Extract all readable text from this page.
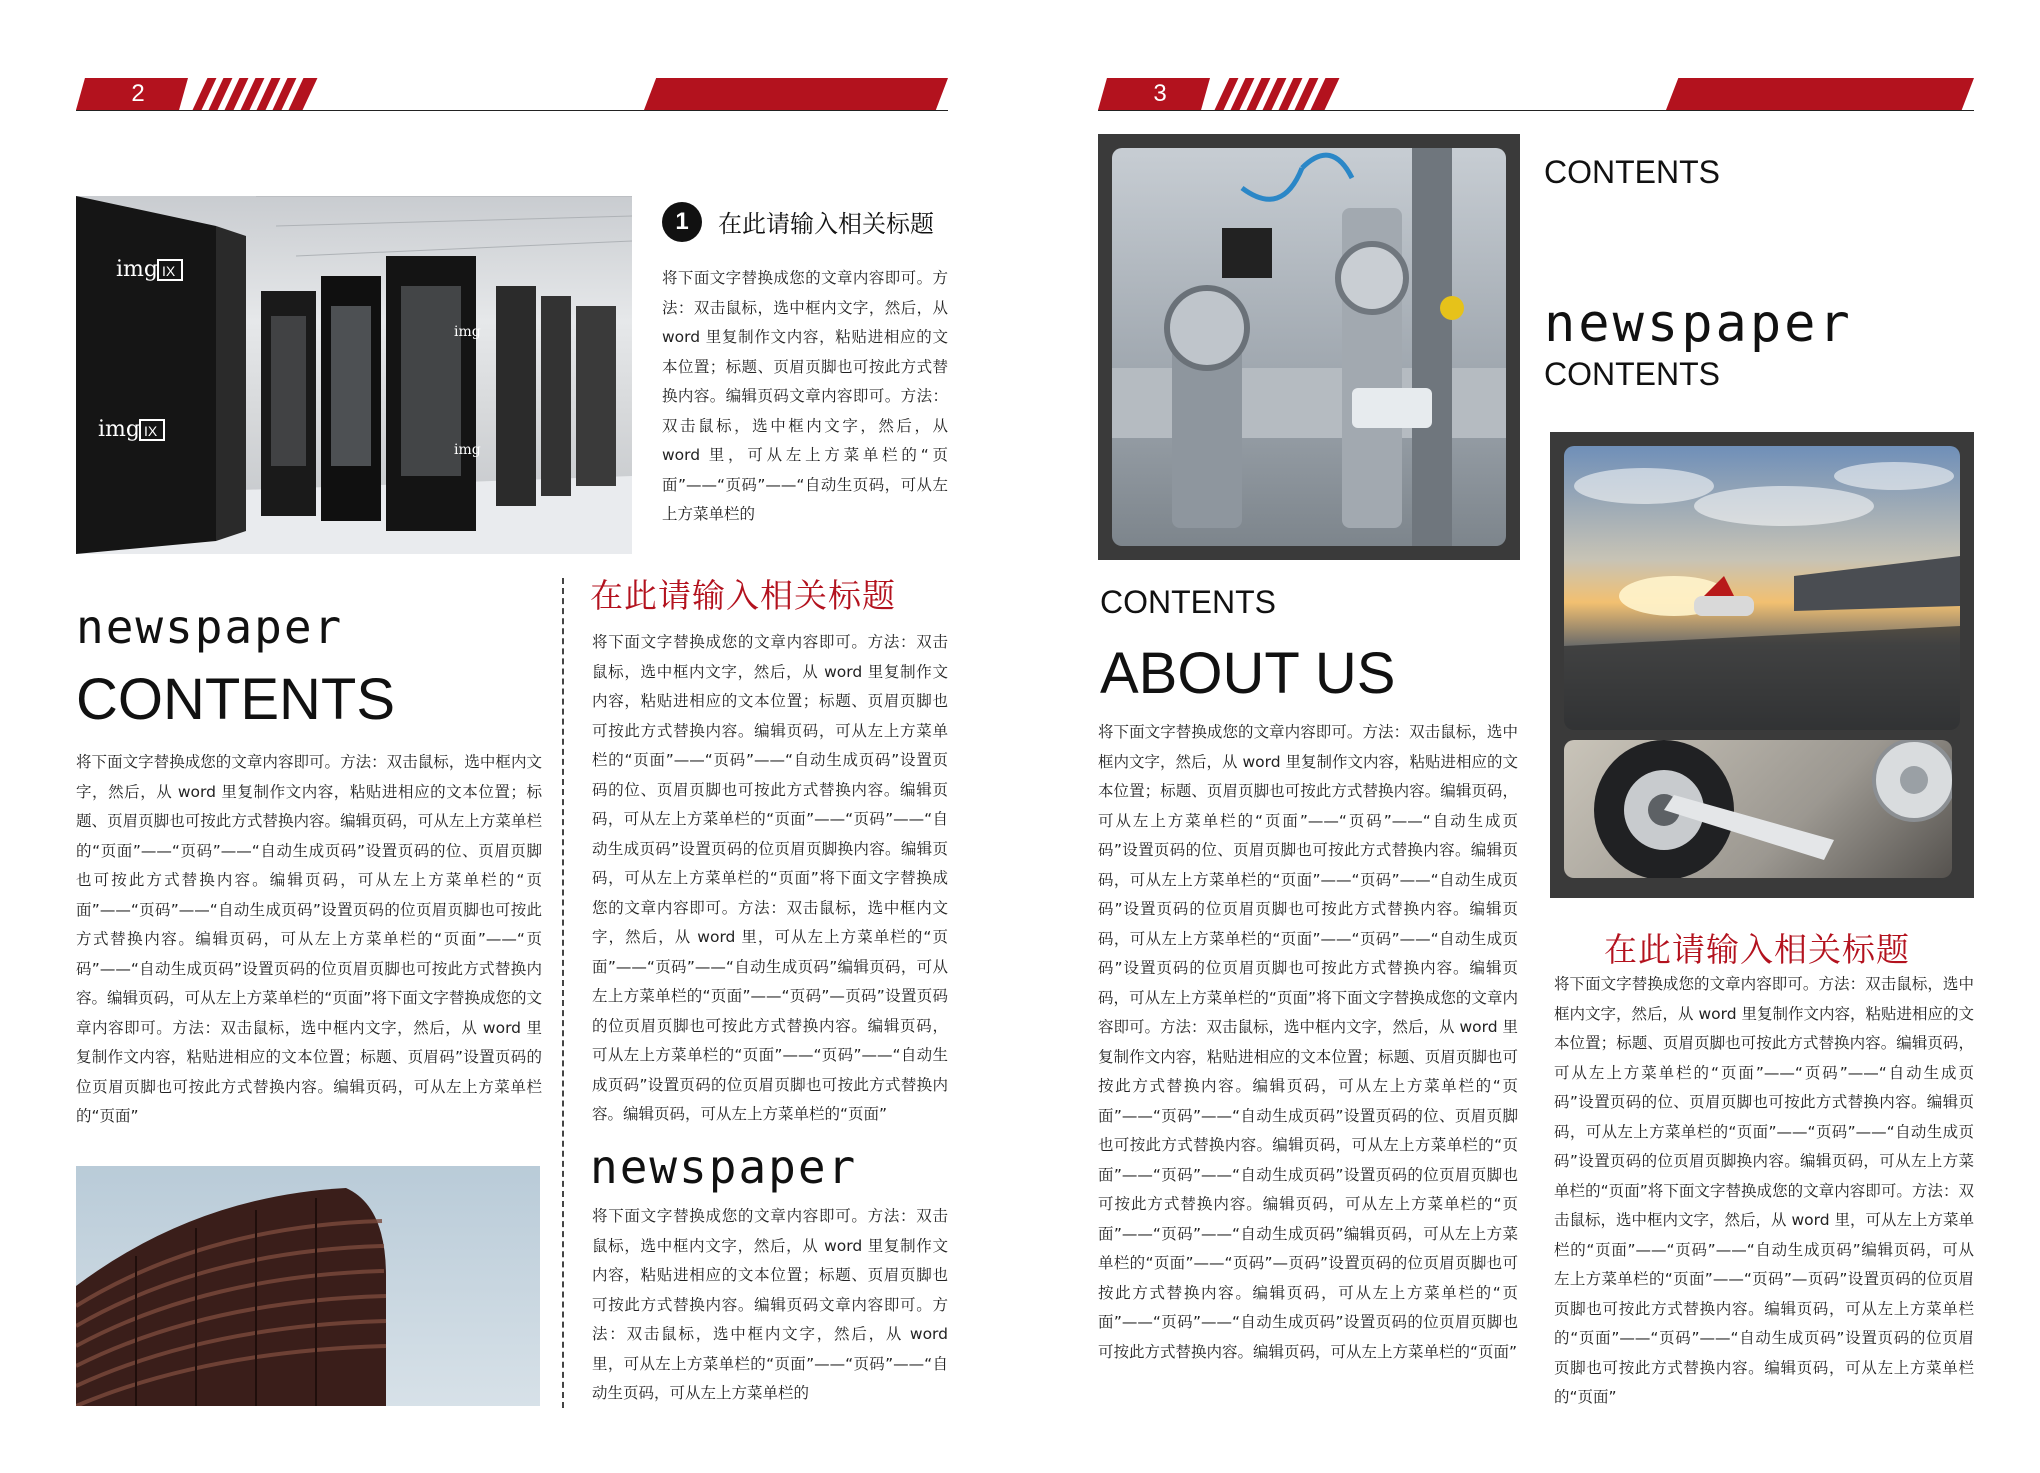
2	3
img IX
img IX
img
img
1	在此请输入相关标题
将下面文字替换成您的文章内容即可。方法：双击鼠标，选中框内文字，然后，从 word 里复制作文内容，粘贴进相应的文本位置；标题、页眉页脚也可按此方式替换内容。编辑页码文章内容即可。方法：双击鼠标，选中框内文字，然后，从 word 里，可从左上方菜单栏的“页面”——“页码”——“自动生页码，可从左上方菜单栏的
newspaper
CONTENTS
将下面文字替换成您的文章内容即可。方法：双击鼠标，选中框内文字，然后，从 word 里复制作文内容，粘贴进相应的文本位置；标题、页眉页脚也可按此方式替换内容。编辑页码，可从左上方菜单栏的“页面”——“页码”——“自动生成页码”设置页码的位、页眉页脚也可按此方式替换内容。编辑页码，可从左上方菜单栏的“页面”——“页码”——“自动生成页码”设置页码的位页眉页脚也可按此方式替换内容。编辑页码，可从左上方菜单栏的“页面”——“页码”——“自动生成页码”设置页码的位页眉页脚也可按此方式替换内容。编辑页码，可从左上方菜单栏的“页面”将下面文字替换成您的文章内容即可。方法：双击鼠标，选中框内文字，然后，从 word 里复制作文内容，粘贴进相应的文本位置；标题、页眉码”设置页码的位页眉页脚也可按此方式替换内容。编辑页码，可从左上方菜单栏的“页面”
在此请输入相关标题
将下面文字替换成您的文章内容即可。方法：双击鼠标，选中框内文字，然后，从 word 里复制作文内容，粘贴进相应的文本位置；标题、页眉页脚也可按此方式替换内容。编辑页码，可从左上方菜单栏的“页面”——“页码”——“自动生成页码”设置页码的位、页眉页脚也可按此方式替换内容。编辑页码，可从左上方菜单栏的“页面”——“页码”——“自动生成页码”设置页码的位页眉页脚换内容。编辑页码，可从左上方菜单栏的“页面”将下面文字替换成您的文章内容即可。方法：双击鼠标，选中框内文字，然后，从 word 里，可从左上方菜单栏的“页面”——“页码”——“自动生成页码”编辑页码，可从左上方菜单栏的“页面”——“页码”—页码”设置页码的位页眉页脚也可按此方式替换内容。编辑页码，可从左上方菜单栏的“页面”——“页码”——“自动生成页码”设置页码的位页眉页脚也可按此方式替换内容。编辑页码，可从左上方菜单栏的“页面”
newspaper
将下面文字替换成您的文章内容即可。方法：双击鼠标，选中框内文字，然后，从 word 里复制作文内容，粘贴进相应的文本位置；标题、页眉页脚也可按此方式替换内容。编辑页码文章内容即可。方法：双击鼠标，选中框内文字，然后，从 word 里，可从左上方菜单栏的“页面”——“页码”——“自动生页码，可从左上方菜单栏的
CONTENTS
newspaper
CONTENTS
CONTENTS
ABOUT US
将下面文字替换成您的文章内容即可。方法：双击鼠标，选中框内文字，然后，从 word 里复制作文内容，粘贴进相应的文本位置；标题、页眉页脚也可按此方式替换内容。编辑页码，可从左上方菜单栏的“页面”——“页码”——“自动生成页码”设置页码的位、页眉页脚也可按此方式替换内容。编辑页码，可从左上方菜单栏的“页面”——“页码”——“自动生成页码”设置页码的位页眉页脚也可按此方式替换内容。编辑页码，可从左上方菜单栏的“页面”——“页码”——“自动生成页码”设置页码的位页眉页脚也可按此方式替换内容。编辑页码，可从左上方菜单栏的“页面”将下面文字替换成您的文章内容即可。方法：双击鼠标，选中框内文字，然后，从 word 里复制作文内容，粘贴进相应的文本位置；标题、页眉页脚也可按此方式替换内容。编辑页码，可从左上方菜单栏的“页面”——“页码”——“自动生成页码”设置页码的位、页眉页脚也可按此方式替换内容。编辑页码，可从左上方菜单栏的“页面”——“页码”——“自动生成页码”设置页码的位页眉页脚也可按此方式替换内容。编辑页码，可从左上方菜单栏的“页面”——“页码”——“自动生成页码”编辑页码，可从左上方菜单栏的“页面”——“页码”—页码”设置页码的位页眉页脚也可按此方式替换内容。编辑页码，可从左上方菜单栏的“页面”——“页码”——“自动生成页码”设置页码的位页眉页脚也可按此方式替换内容。编辑页码，可从左上方菜单栏的“页面”
在此请输入相关标题
将下面文字替换成您的文章内容即可。方法：双击鼠标，选中框内文字，然后，从 word 里复制作文内容，粘贴进相应的文本位置；标题、页眉页脚也可按此方式替换内容。编辑页码，可从左上方菜单栏的“页面”——“页码”——“自动生成页码”设置页码的位、页眉页脚也可按此方式替换内容。编辑页码，可从左上方菜单栏的“页面”——“页码”——“自动生成页码”设置页码的位页眉页脚换内容。编辑页码，可从左上方菜单栏的“页面”将下面文字替换成您的文章内容即可。方法：双击鼠标，选中框内文字，然后，从 word 里，可从左上方菜单栏的“页面”——“页码”——“自动生成页码”编辑页码，可从左上方菜单栏的“页面”——“页码”—页码”设置页码的位页眉页脚也可按此方式替换内容。编辑页码，可从左上方菜单栏的“页面”——“页码”——“自动生成页码”设置页码的位页眉页脚也可按此方式替换内容。编辑页码，可从左上方菜单栏的“页面”
